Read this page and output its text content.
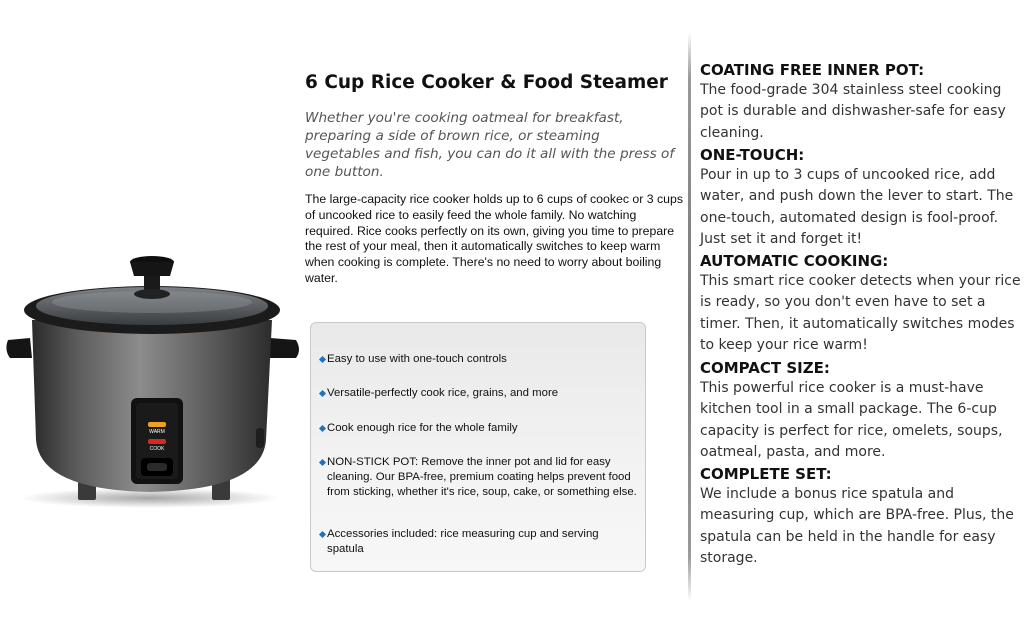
WARM
COOK
6 Cup Rice Cooker & Food Steamer
Whether you're cooking oatmeal for breakfast, preparing a side of brown rice, or steaming vegetables and fish, you can do it all with the press of one button.
The large-capacity rice cooker holds up to 6 cups of cookec or 3 cups of uncooked rice to easily feed the whole family. No watching required. Rice cooks perfectly on its own, giving you time to prepare the rest of your meal, then it automatically switches to keep warm when cooking is complete. There's no need to worry about boiling water.
Easy to use with one-touch controls
Versatile-perfectly cook rice, grains, and more
Cook enough rice for the whole family
NON-STICK POT: Remove the inner pot and lid for easy cleaning. Our BPA-free, premium coating helps prevent food from sticking, whether it's rice, soup, cake, or something else.
Accessories included: rice measuring cup and serving spatula
COATING FREE INNER POT:
The food-grade 304 stainless steel cooking pot is durable and dishwasher-safe for easy cleaning.
ONE-TOUCH:
Pour in up to 3 cups of uncooked rice, add water, and push down the lever to start. The one-touch, automated design is fool-proof. Just set it and forget it!
AUTOMATIC COOKING:
This smart rice cooker detects when your rice is ready, so you don't even have to set a timer. Then, it automatically switches modes to keep your rice warm!
COMPACT SIZE:
This powerful rice cooker is a must-have kitchen tool in a small package. The 6-cup capacity is perfect for rice, omelets, soups, oatmeal, pasta, and more.
COMPLETE SET:
We include a bonus rice spatula and measuring cup, which are BPA-free. Plus, the spatula can be held in the handle for easy storage.
